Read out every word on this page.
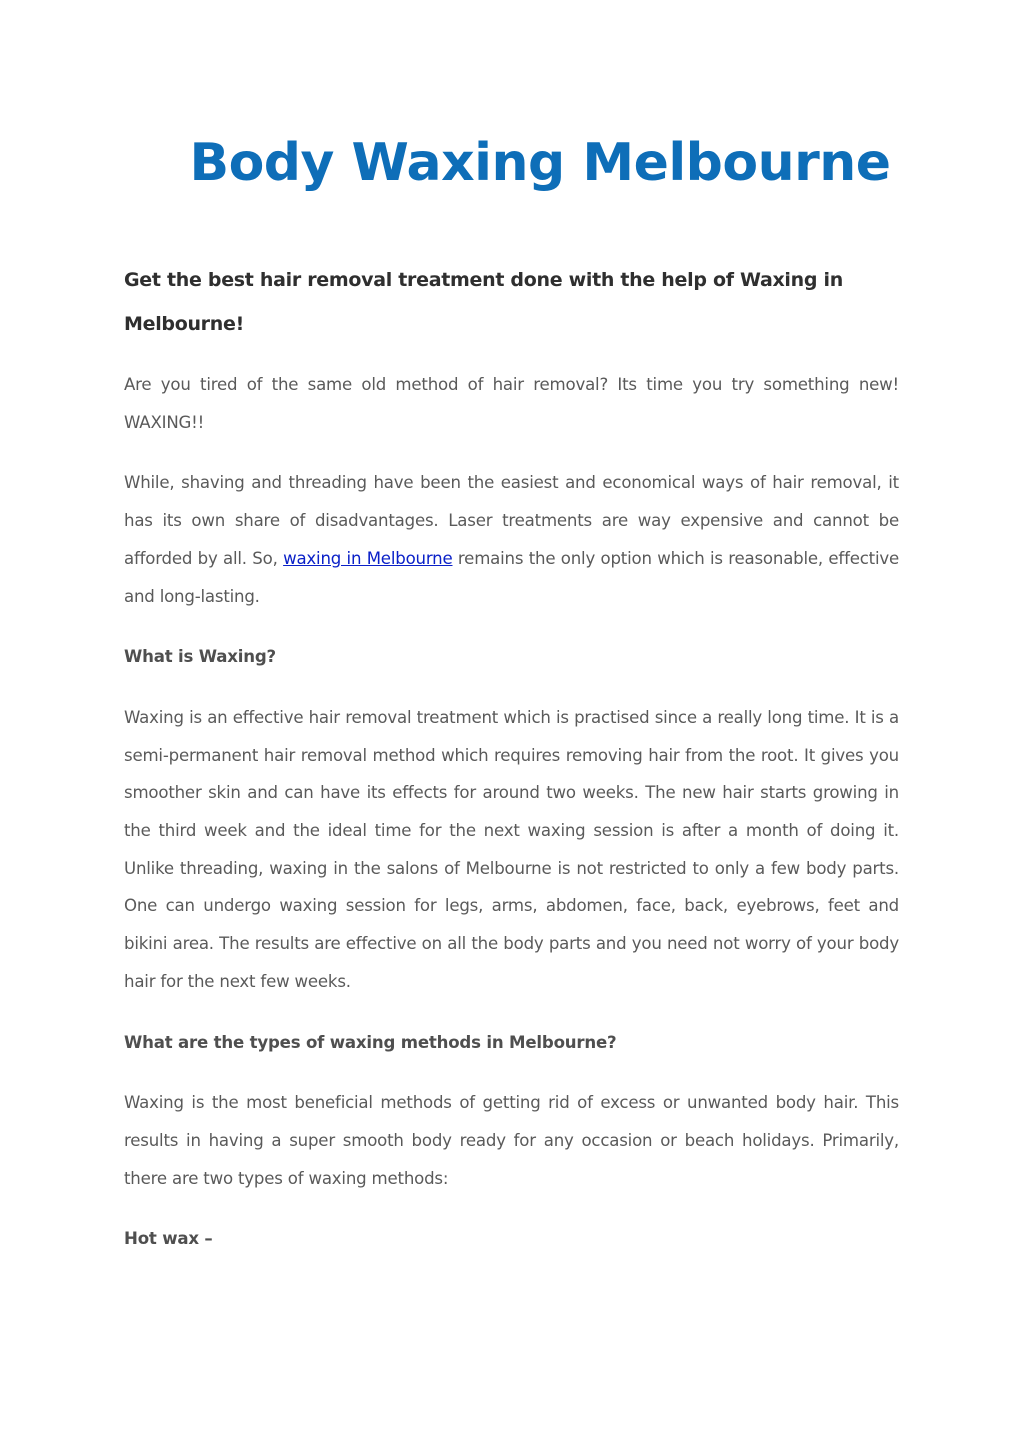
Body Waxing Melbourne

Get the best hair removal treatment done with the help of Waxing in Melbourne!

Are you tired of the same old method of hair removal? Its time you try something new! WAXING!!

While, shaving and threading have been the easiest and economical ways of hair removal, it has its own share of disadvantages. Laser treatments are way expensive and cannot be afforded by all. So, waxing in Melbourne remains the only option which is reasonable, effective and long-lasting.

What is Waxing?

Waxing is an effective hair removal treatment which is practised since a really long time. It is a semi-permanent hair removal method which requires removing hair from the root. It gives you smoother skin and can have its effects for around two weeks. The new hair starts growing in the third week and the ideal time for the next waxing session is after a month of doing it. Unlike threading, waxing in the salons of Melbourne is not restricted to only a few body parts. One can undergo waxing session for legs, arms, abdomen, face, back, eyebrows, feet and bikini area. The results are effective on all the body parts and you need not worry of your body hair for the next few weeks.

What are the types of waxing methods in Melbourne?

Waxing is the most beneficial methods of getting rid of excess or unwanted body hair. This results in having a super smooth body ready for any occasion or beach holidays. Primarily, there are two types of waxing methods:

Hot wax –
